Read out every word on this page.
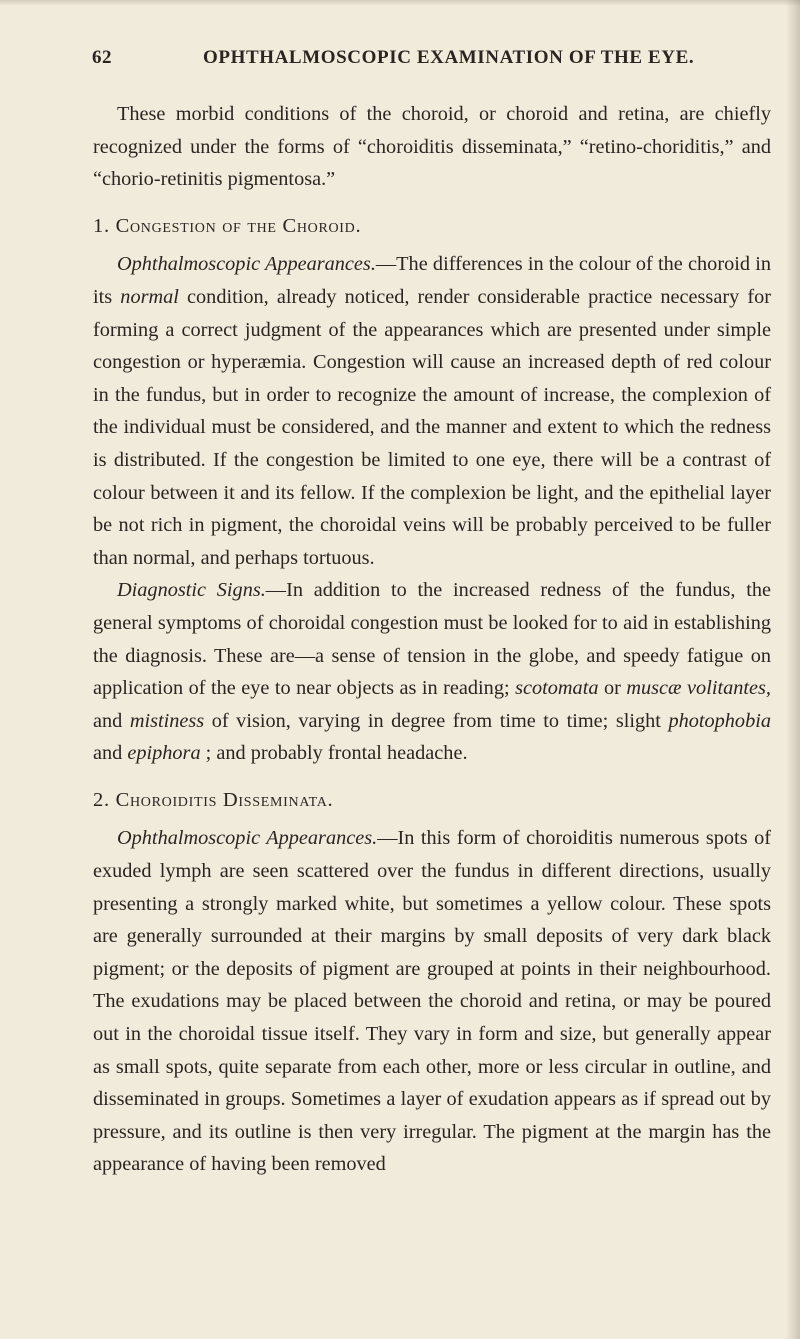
62	OPHTHALMOSCOPIC EXAMINATION OF THE EYE.

These morbid conditions of the choroid, or choroid and retina, are chiefly recognized under the forms of “choroiditis disseminata,” “retino-choriditis,” and “chorio-retinitis pigmentosa.”

1. Congestion of the Choroid.

Ophthalmoscopic Appearances.—The differences in the colour of the choroid in its normal condition, already noticed, render considerable practice necessary for forming a correct judgment of the appearances which are presented under simple congestion or hyperæmia. Congestion will cause an increased depth of red colour in the fundus, but in order to recognize the amount of increase, the complexion of the individual must be considered, and the manner and extent to which the redness is distributed. If the congestion be limited to one eye, there will be a contrast of colour between it and its fellow. If the complexion be light, and the epithelial layer be not rich in pigment, the choroidal veins will be probably perceived to be fuller than normal, and perhaps tortuous.

Diagnostic Signs.—In addition to the increased redness of the fundus, the general symptoms of choroidal congestion must be looked for to aid in establishing the diagnosis. These are—a sense of tension in the globe, and speedy fatigue on application of the eye to near objects as in reading; scotomata or muscæ volitantes, and mistiness of vision, varying in degree from time to time; slight photophobia and epiphora ; and probably frontal headache.

2. Choroiditis Disseminata.

Ophthalmoscopic Appearances.—In this form of choroiditis numerous spots of exuded lymph are seen scattered over the fundus in different directions, usually presenting a strongly marked white, but sometimes a yellow colour. These spots are generally surrounded at their margins by small deposits of very dark black pigment; or the deposits of pigment are grouped at points in their neighbourhood. The exudations may be placed between the choroid and retina, or may be poured out in the choroidal tissue itself. They vary in form and size, but generally appear as small spots, quite separate from each other, more or less circular in outline, and disseminated in groups. Sometimes a layer of exudation appears as if spread out by pressure, and its outline is then very irregular. The pigment at the margin has the appearance of having been removed
